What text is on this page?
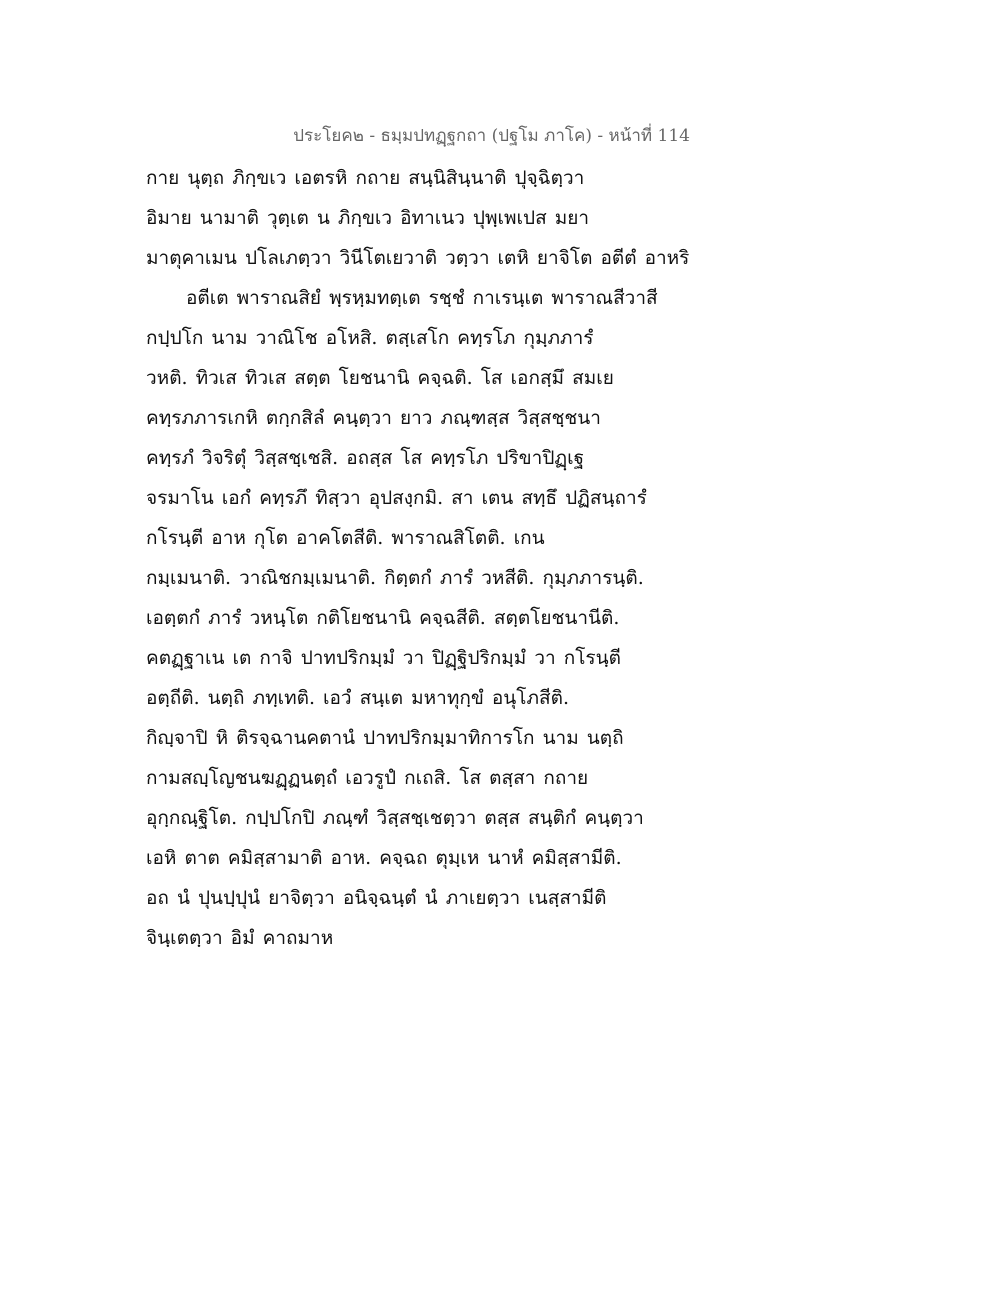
ประโยค๒ - ธมฺมปทฏฺฐกถา (ปฐโม ภาโค) - หน้าที่ 114
กาย นุตฺถ ภิกฺขเว เอตรหิ กถาย สนฺนิสินฺนาติ ปุจฺฉิตฺวา
อิมาย นามาติ วุตฺเต น ภิกฺขเว อิทาเนว ปุพฺเพเปส มยา
มาตุคาเมน ปโลเภตฺวา วินีโตเยวาติ วตฺวา เตหิ ยาจิโต อตีตํ อาหริ
อตีเต พาราณสิยํ พฺรหฺมทตฺเต รชฺชํ กาเรนฺเต พาราณสีวาสี
กปฺปโก นาม วาณิโช อโหสิ. ตสฺเสโก คทฺรโภ กุมฺภภารํ
วหติ. ทิวเส ทิวเส สตฺต โยชนานิ คจฺฉติ. โส เอกสฺมึ สมเย
คทฺรภภารเกหิ ตกฺกสิลํ คนฺตฺวา ยาว ภณฺฑสฺส วิสฺสชฺชนา
คทฺรภํ วิจริตุํ วิสฺสชฺเชสิ. อถสฺส โส คทฺรโภ ปริขาปิฏฺเฐ
จรมาโน เอกํ คทฺรภึ ทิสฺวา อุปสงฺกมิ. สา เตน สทฺธึ ปฏิสนฺถารํ
กโรนฺตี อาห กุโต อาคโตสีติ. พาราณสิโตติ. เกน
กมฺเมนาติ. วาณิชกมฺเมนาติ. กิตฺตกํ ภารํ วหสีติ. กุมฺภภารนฺติ.
เอตฺตกํ ภารํ วหนฺโต กติโยชนานิ คจฺฉสีติ. สตฺตโยชนานีติ.
คตฏฺฐาเน เต กาจิ ปาทปริกมฺมํ วา ปิฏฺฐิปริกมฺมํ วา กโรนฺตี
อตฺถีติ. นตฺถิ ภทฺเทติ. เอวํ สนฺเต มหาทุกฺขํ อนุโภสีติ.
กิญฺจาปิ หิ ติรจฺฉานคตานํ ปาทปริกมฺมาทิการโก นาม นตฺถิ
กามสญฺโญชนฆฏฺฏนตฺถํ เอวรูปํ กเถสิ. โส ตสฺสา กถาย
อุกฺกณฺฐิโต. กปฺปโกปิ ภณฺฑํ วิสฺสชฺเชตฺวา ตสฺส สนฺติกํ คนฺตฺวา
เอหิ ตาต คมิสฺสามาติ อาห. คจฺฉถ ตุมฺเห นาหํ คมิสฺสามีติ.
อถ นํ ปุนปฺปุนํ ยาจิตฺวา อนิจฺฉนฺตํ นํ ภาเยตฺวา เนสฺสามีติ
จินฺเตตฺวา อิมํ คาถมาห
